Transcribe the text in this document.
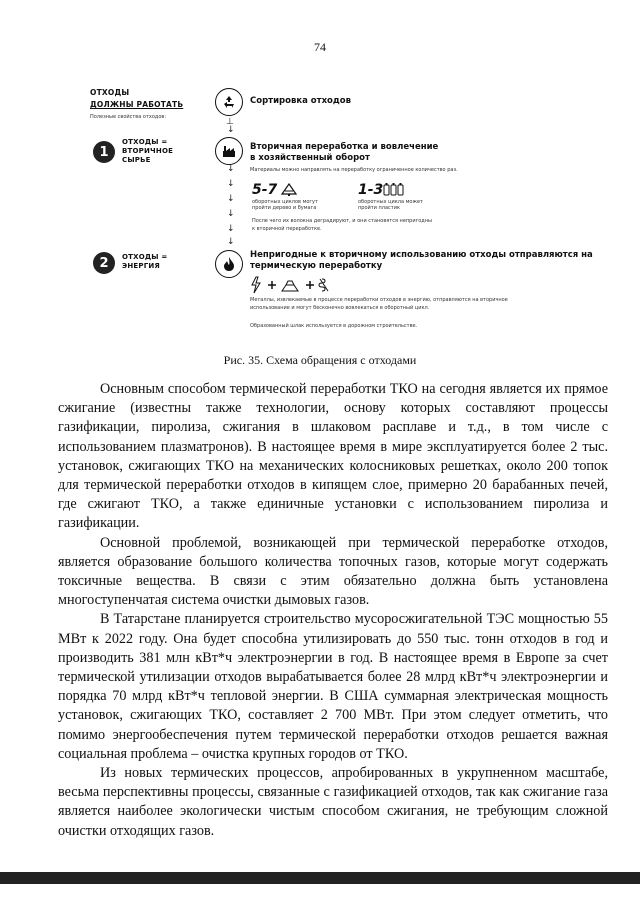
74
ОТХОДЫ
ДОЛЖНЫ РАБОТАТЬ
Полезные свойства отходов:
1
ОТХОДЫ =
ВТОРИЧНОЕ
СЫРЬЕ
2	ОТХОДЫ =
ЭНЕРГИЯ
Сортировка отходов
⊥
↓
Вторичная переработка и вовлечение
в хозяйственный оборот
Материалы можно направлять на переработку ограниченное количество раз.
↓
↓
↓
↓
↓
↓
5-7
оборотных циклов могут
пройти дерево и бумага
1-3
оборотных цикла может
пройти пластик
После чего их волокна деградируют, и они становятся непригодны
к вторичной переработке.
Непригодные к вторичному использованию отходы отправляются на
термическую переработку
Металлы, извлекаемые в процессе переработки отходов в энергию, отправляются на вторичное
использование и могут бесконечно вовлекаться в оборотный цикл.
Образованный шлак используется в дорожном строительстве.
Рис. 35. Схема обращения с отходами

Основным способом термической переработки ТКО на сегодня является их прямое сжигание (известны также технологии, основу которых составляют процессы газификации, пиролиза, сжигания в шлаковом расплаве и т.д., в том числе с использованием плазматронов). В настоящее время в мире эксплуатируется более 2 тыс. установок, сжигающих ТКО на механических колосниковых решетках, около 200 топок для термической переработки отходов в кипящем слое, примерно 20 барабанных печей, где сжигают ТКО, а также единичные установки с использованием пиролиза и газификации.

Основной проблемой, возникающей при термической переработке отходов, является образование большого количества топочных газов, которые могут содержать токсичные вещества. В связи с этим обязательно должна быть установлена многоступенчатая система очистки дымовых газов.

В Татарстане планируется строительство мусоросжигательной ТЭС мощностью 55 МВт к 2022 году. Она будет способна утилизировать до 550 тыс. тонн отходов в год и производить 381 млн кВт*ч электроэнергии в год. В настоящее время в Европе за счет термической утилизации отходов вырабатывается более 28 млрд кВт*ч электроэнергии и порядка 70 млрд кВт*ч тепловой энергии. В США суммарная электрическая мощность установок, сжигающих ТКО, составляет 2 700 МВт. При этом следует отметить, что помимо энергообеспечения путем термической переработки отходов решается важная социальная проблема – очистка крупных городов от ТКО.

Из новых термических процессов, апробированных в укрупненном масштабе, весьма перспективны процессы, связанные с газификацией отходов, так как сжигание газа является наиболее экологически чистым способом сжигания, не требующим сложной очистки отходящих газов.
